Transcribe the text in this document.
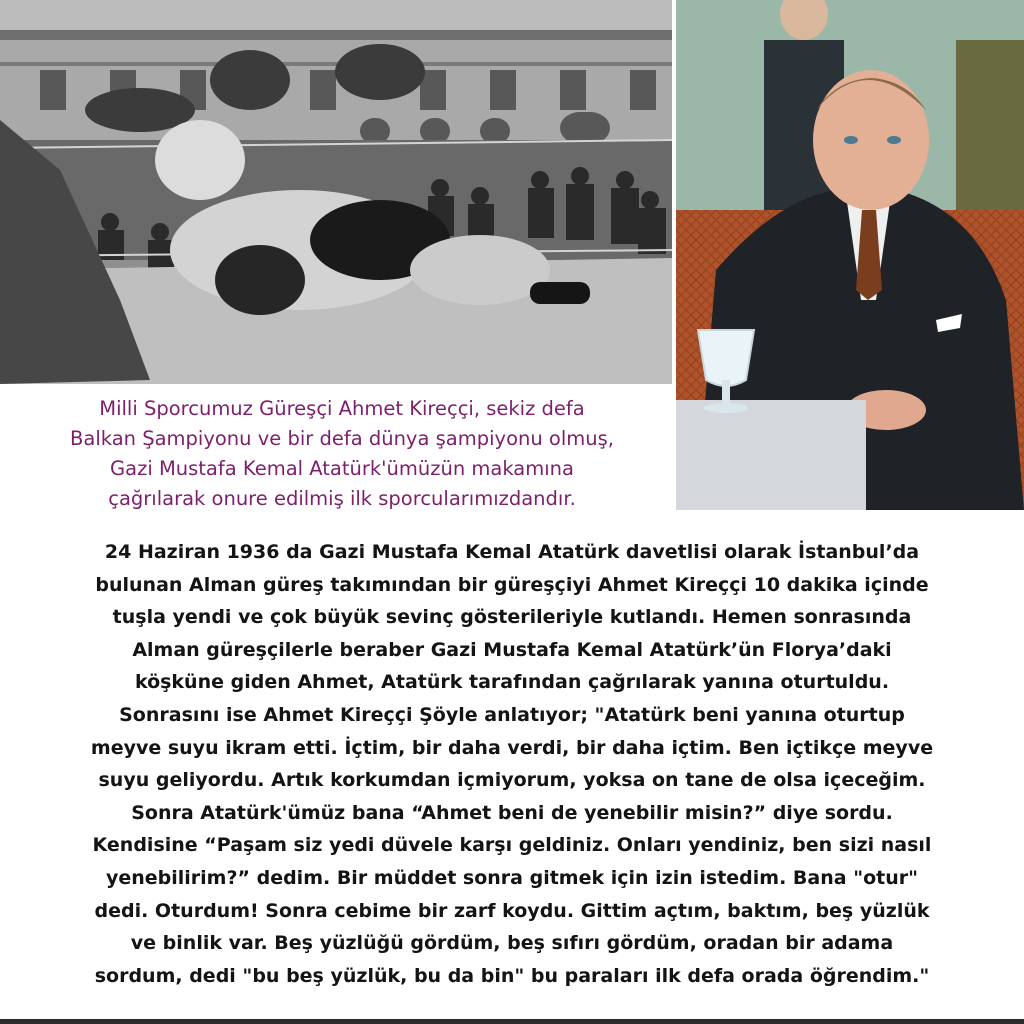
Milli Sporcumuz Güreşçi Ahmet Kireççi, sekiz defa
Balkan Şampiyonu ve bir defa dünya şampiyonu olmuş,
Gazi Mustafa Kemal Atatürk'ümüzün makamına
çağrılarak onure edilmiş ilk sporcularımızdandır.
24 Haziran 1936 da Gazi Mustafa Kemal Atatürk davetlisi olarak İstanbul’da
bulunan Alman güreş takımından bir güreşçiyi Ahmet Kireççi 10 dakika içinde
tuşla yendi ve çok büyük sevinç gösterileriyle kutlandı. Hemen sonrasında
Alman güreşçilerle beraber Gazi Mustafa Kemal Atatürk’ün Florya’daki
köşküne giden Ahmet, Atatürk tarafından çağrılarak yanına oturtuldu.
Sonrasını ise Ahmet Kireççi Şöyle anlatıyor; "Atatürk beni yanına oturtup
meyve suyu ikram etti. İçtim, bir daha verdi, bir daha içtim. Ben içtikçe meyve
suyu geliyordu. Artık korkumdan içmiyorum, yoksa on tane de olsa içeceğim.
Sonra Atatürk'ümüz bana “Ahmet beni de yenebilir misin?” diye sordu.
Kendisine “Paşam siz yedi düvele karşı geldiniz. Onları yendiniz, ben sizi nasıl
yenebilirim?” dedim. Bir müddet sonra gitmek için izin istedim. Bana "otur"
dedi. Oturdum! Sonra cebime bir zarf koydu. Gittim açtım, baktım, beş yüzlük
ve binlik var. Beş yüzlüğü gördüm, beş sıfırı gördüm, oradan bir adama
sordum, dedi "bu beş yüzlük, bu da bin" bu paraları ilk defa orada öğrendim."
